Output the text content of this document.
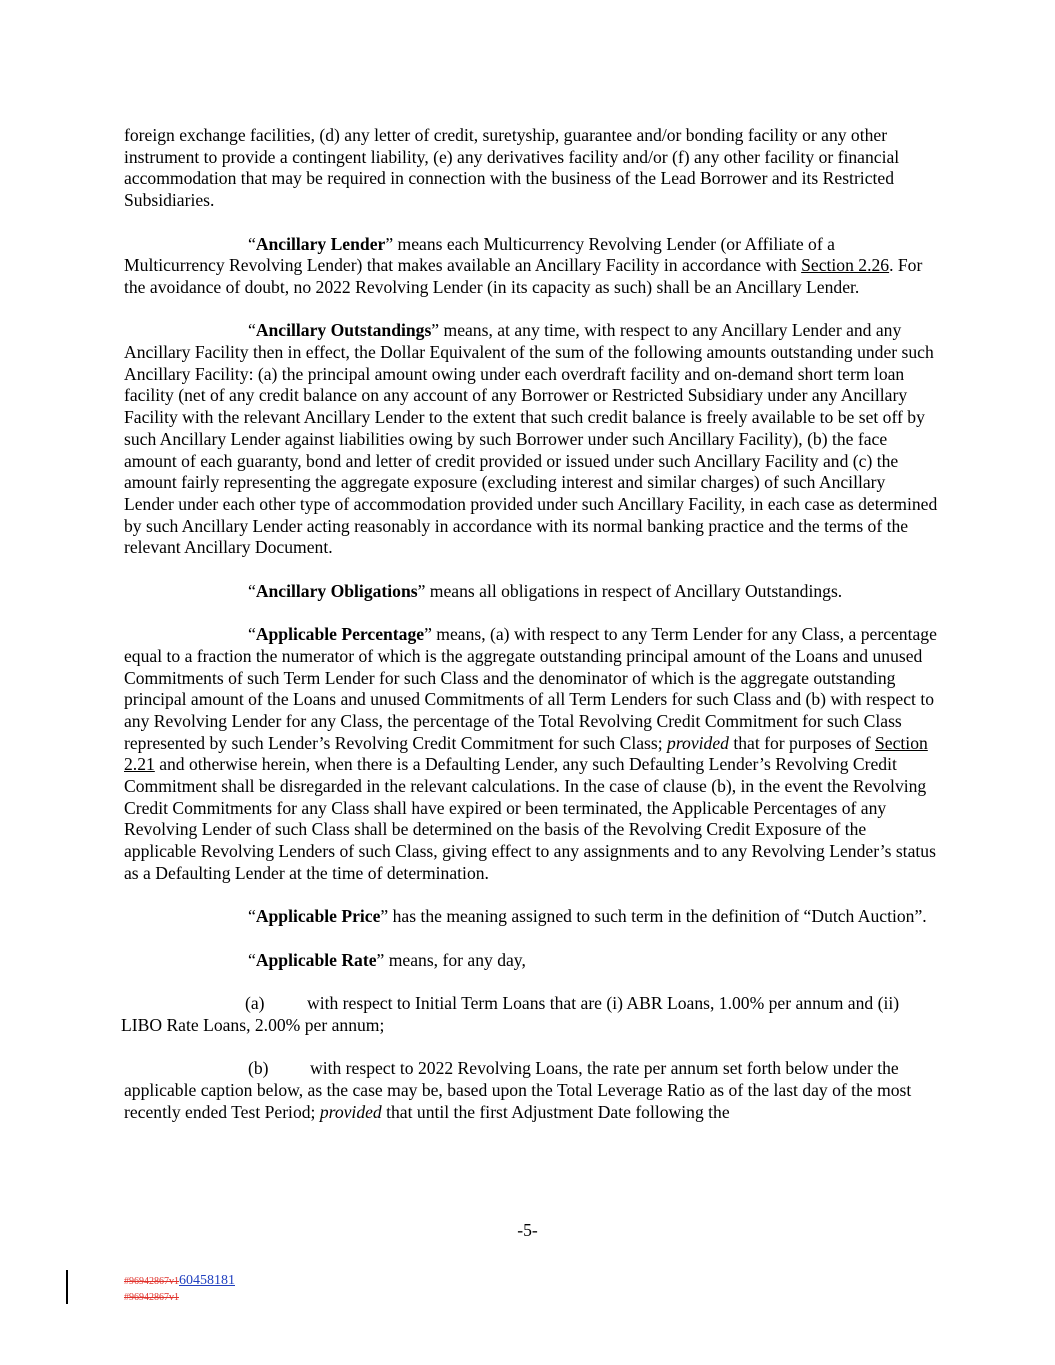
foreign exchange facilities, (d) any letter of credit, suretyship, guarantee and/or bonding facility or any other instrument to provide a contingent liability, (e) any derivatives facility and/or (f) any other facility or financial accommodation that may be required in connection with the business of the Lead Borrower and its Restricted Subsidiaries.

“Ancillary Lender” means each Multicurrency Revolving Lender (or Affiliate of a Multicurrency Revolving Lender) that makes available an Ancillary Facility in accordance with Section 2.26. For the avoidance of doubt, no 2022 Revolving Lender (in its capacity as such) shall be an Ancillary Lender.

“Ancillary Outstandings” means, at any time, with respect to any Ancillary Lender and any Ancillary Facility then in effect, the Dollar Equivalent of the sum of the following amounts outstanding under such Ancillary Facility: (a) the principal amount owing under each overdraft facility and on-demand short term loan facility (net of any credit balance on any account of any Borrower or Restricted Subsidiary under any Ancillary Facility with the relevant Ancillary Lender to the extent that such credit balance is freely available to be set off by such Ancillary Lender against liabilities owing by such Borrower under such Ancillary Facility), (b) the face amount of each guaranty, bond and letter of credit provided or issued under such Ancillary Facility and (c) the amount fairly representing the aggregate exposure (excluding interest and similar charges) of such Ancillary Lender under each other type of accommodation provided under such Ancillary Facility, in each case as determined by such Ancillary Lender acting reasonably in accordance with its normal banking practice and the terms of the relevant Ancillary Document.

“Ancillary Obligations” means all obligations in respect of Ancillary Outstandings.

“Applicable Percentage” means, (a) with respect to any Term Lender for any Class, a percentage equal to a fraction the numerator of which is the aggregate outstanding principal amount of the Loans and unused Commitments of such Term Lender for such Class and the denominator of which is the aggregate outstanding principal amount of the Loans and unused Commitments of all Term Lenders for such Class and (b) with respect to any Revolving Lender for any Class, the percentage of the Total Revolving Credit Commitment for such Class represented by such Lender’s Revolving Credit Commitment for such Class; provided that for purposes of Section 2.21 and otherwise herein, when there is a Defaulting Lender, any such Defaulting Lender’s Revolving Credit Commitment shall be disregarded in the relevant calculations. In the case of clause (b), in the event the Revolving Credit Commitments for any Class shall have expired or been terminated, the Applicable Percentages of any Revolving Lender of such Class shall be determined on the basis of the Revolving Credit Exposure of the applicable Revolving Lenders of such Class, giving effect to any assignments and to any Revolving Lender’s status as a Defaulting Lender at the time of determination.

“Applicable Price” has the meaning assigned to such term in the definition of “Dutch Auction”.

“Applicable Rate” means, for any day,

(a) with respect to Initial Term Loans that are (i) ABR Loans, 1.00% per annum and (ii) LIBO Rate Loans, 2.00% per annum;

(b) with respect to 2022 Revolving Loans, the rate per annum set forth below under the applicable caption below, as the case may be, based upon the Total Leverage Ratio as of the last day of the most recently ended Test Period; provided that until the first Adjustment Date following the

-5-
#96942867v160458181
#96942867v1
